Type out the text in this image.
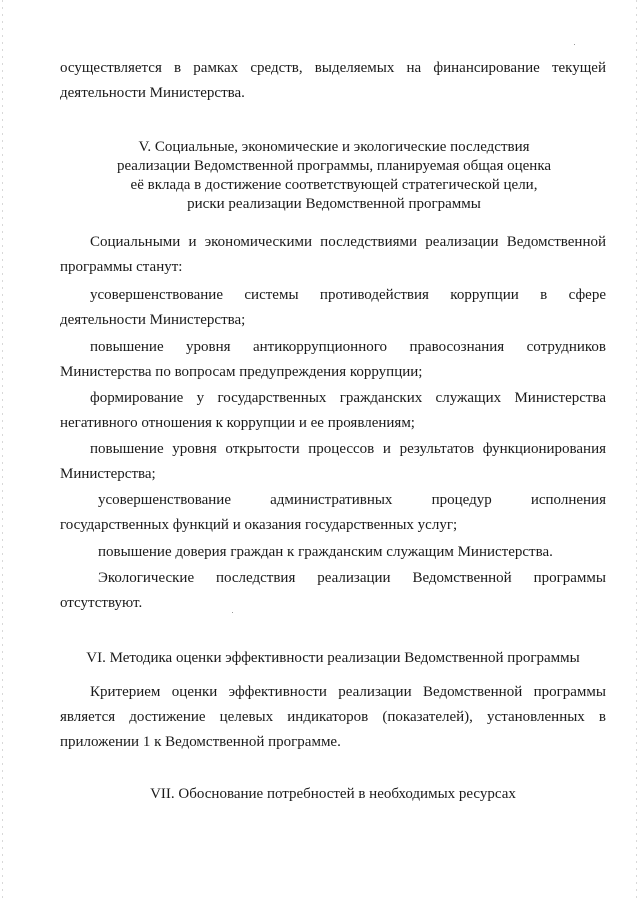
осуществляется в рамках средств, выделяемых на финансирование текущей
деятельности Министерства.
V. Социальные, экономические и экологические последствия
реализации Ведомственной программы, планируемая общая оценка
её вклада в достижение соответствующей стратегической цели,
риски реализации Ведомственной программы
Социальными и экономическими последствиями реализации Ведомственной
программы станут:
усовершенствование системы противодействия коррупции в сфере
деятельности Министерства;
повышение уровня антикоррупционного правосознания сотрудников
Министерства по вопросам предупреждения коррупции;
формирование у государственных гражданских служащих Министерства
негативного отношения к коррупции и ее проявлениям;
повышение уровня открытости процессов и результатов функционирования
Министерства;
усовершенствование административных процедур исполнения
государственных функций и оказания государственных услуг;
повышение доверия граждан к гражданским служащим Министерства.
Экологические последствия реализации Ведомственной программы
отсутствуют.
VI. Методика оценки эффективности реализации Ведомственной программы
Критерием оценки эффективности реализации Ведомственной программы
является достижение целевых индикаторов (показателей), установленных в
приложении 1 к Ведомственной программе.
VII. Обоснование потребностей в необходимых ресурсах
